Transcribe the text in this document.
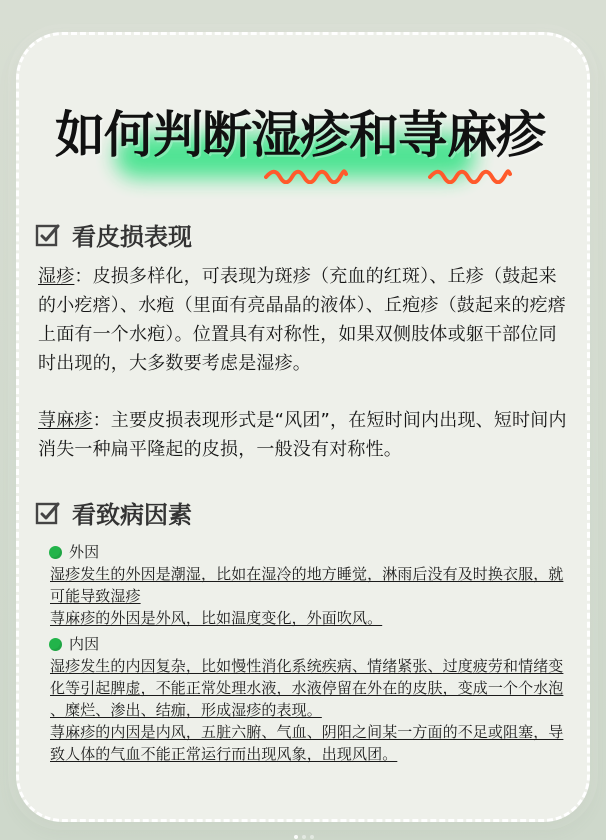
如何判断湿疹和荨麻疹
看皮损表现
湿疹：皮损多样化，可表现为斑疹（充血的红斑）、丘疹（鼓起来的小疙瘩）、水疱（里面有亮晶晶的液体）、丘疱疹（鼓起来的疙瘩上面有一个水疱）。位置具有对称性，如果双侧肢体或躯干部位同时出现的，大多数要考虑是湿疹。
荨麻疹：主要皮损表现形式是“风团”，在短时间内出现、短时间内消失一种扁平隆起的皮损，一般没有对称性。
看致病因素
外因
湿疹发生的外因是潮湿，比如在湿冷的地方睡觉，淋雨后没有及时换衣服，就
可能导致湿疹
荨麻疹的外因是外风，比如温度变化，外面吹风。
内因
湿疹发生的内因复杂，比如慢性消化系统疾病、情绪紧张、过度疲劳和情绪变
化等引起脾虚，不能正常处理水液，水液停留在外在的皮肤，变成一个个水泡
、糜烂、渗出、结痂，形成湿疹的表现。
荨麻疹的内因是内风，五脏六腑、气血、阴阳之间某一方面的不足或阻塞，导
致人体的气血不能正常运行而出现风象，出现风团。
